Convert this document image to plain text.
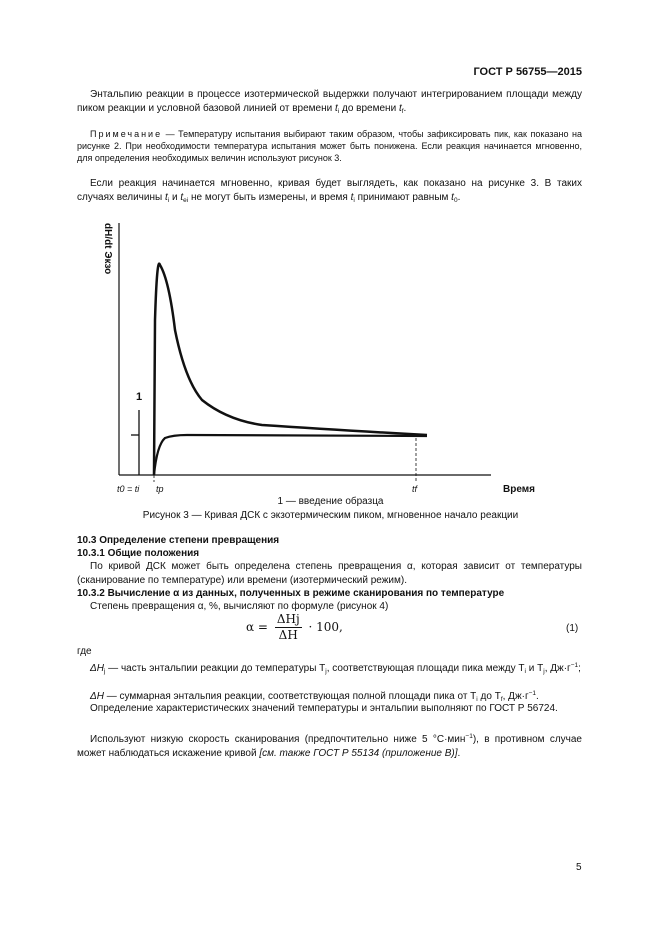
ГОСТ Р 56755—2015
Энтальпию реакции в процессе изотермической выдержки получают интегрированием площади между пиком реакции и условной базовой линией от времени $t_i$ до времени $t_f$.
Примечание — Температуру испытания выбирают таким образом, чтобы зафиксировать пик, как показано на рисунке 2. При необходимости температура испытания может быть понижена. Если реакция начинается мгновенно, для определения необходимых величин используют рисунок 3.
Если реакция начинается мгновенно, кривая будет выглядеть, как показано на рисунке 3. В таких случаях величины $t_i$ и $t_{ei}$ не могут быть измерены, и время $t_i$ принимают равным $t_0$.
dH/dt Экзо
1
t0 = ti tp	tf	Время
1 — введение образца
Рисунок 3 — Кривая ДСК с экзотермическим пиком, мгновенное начало реакции
10.3 Определение степени превращения
10.3.1 Общие положения
По кривой ДСК может быть определена степень превращения α, которая зависит от температуры (сканирование по температуре) или времени (изотермический режим).
10.3.2 Вычисление α из данных, полученных в режиме сканирования по температуре
Степень превращения α, %, вычисляют по формуле (рисунок 4)
$\alpha = \frac{\text{ΔHj}}{\Delta H} \cdot 100$,	(1)
где
$\Delta H_j$ — часть энтальпии реакции до температуры $T_j$, соответствующая площади пика между $T_i$ и $T_j$, $Дж\cdot г^{-1}$;
ΔH — суммарная энтальпия реакции, соответствующая полной площади пика от $T_i$ до $T_f$, $Дж\cdot г^{-1}$.
Определение характеристических значений температуры и энтальпии выполняют по ГОСТ Р 56724.
Используют низкую скорость сканирования (предпочтительно ниже 5 °С·мин$^{-1}$), в противном случае может наблюдаться искажение кривой [см. также ГОСТ Р 55134 (приложение В)].
5
